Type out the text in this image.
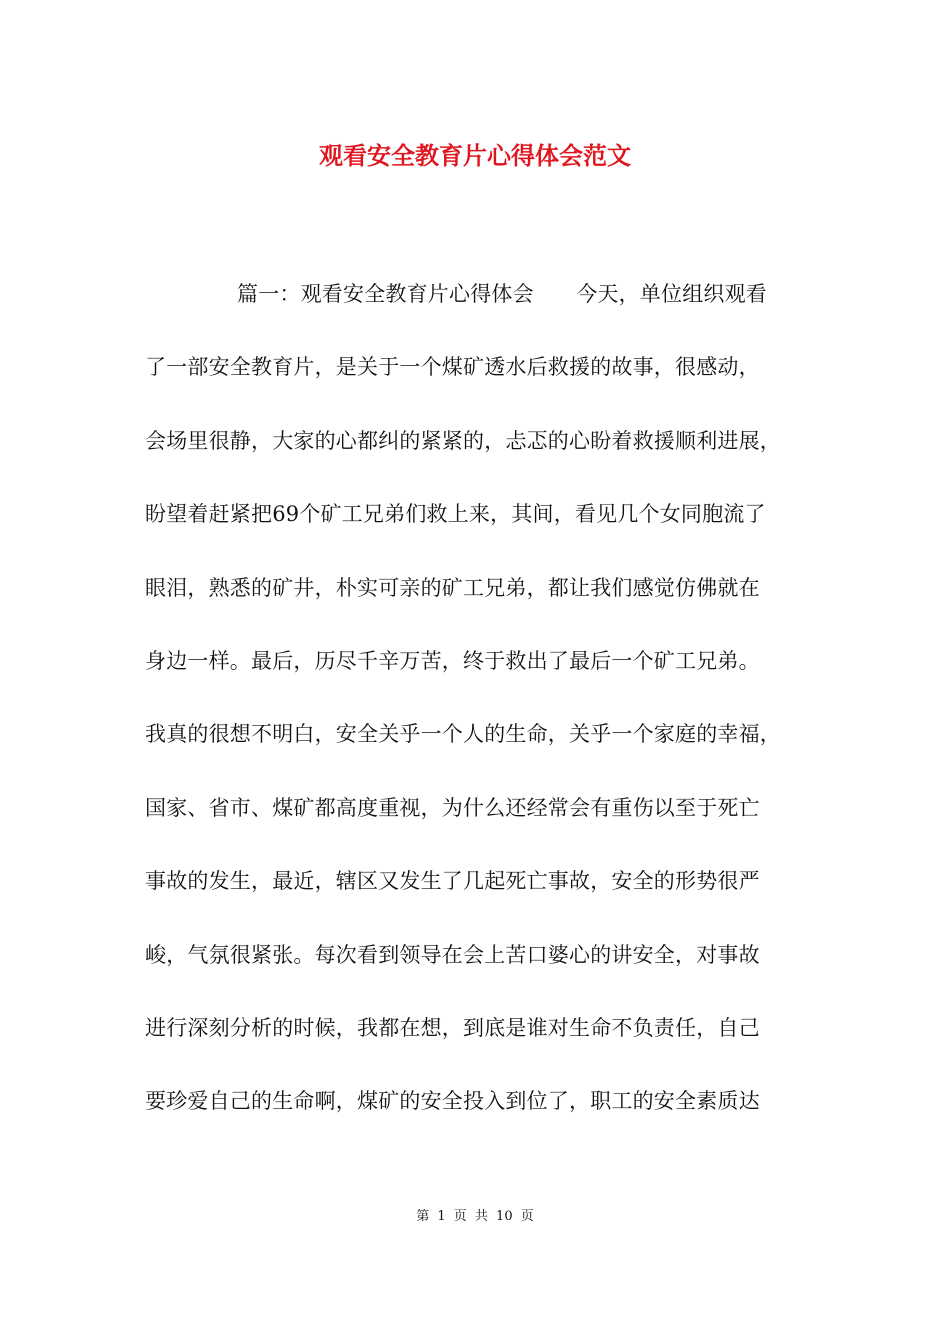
观看安全教育片心得体会范文
篇一：观看安全教育片心得体会　　今天，单位组织观看
了一部安全教育片，是关于一个煤矿透水后救援的故事，很感动，
会场里很静，大家的心都纠的紧紧的，忐忑的心盼着救援顺利进展，
盼望着赶紧把69个矿工兄弟们救上来，其间，看见几个女同胞流了
眼泪，熟悉的矿井，朴实可亲的矿工兄弟，都让我们感觉仿佛就在
身边一样。最后，历尽千辛万苦，终于救出了最后一个矿工兄弟。
我真的很想不明白，安全关乎一个人的生命，关乎一个家庭的幸福，
国家、省市、煤矿都高度重视，为什么还经常会有重伤以至于死亡
事故的发生，最近，辖区又发生了几起死亡事故，安全的形势很严
峻，气氛很紧张。每次看到领导在会上苦口婆心的讲安全，对事故
进行深刻分析的时候，我都在想，到底是谁对生命不负责任，自己
要珍爱自己的生命啊，煤矿的安全投入到位了，职工的安全素质达
第 1 页 共 10 页
